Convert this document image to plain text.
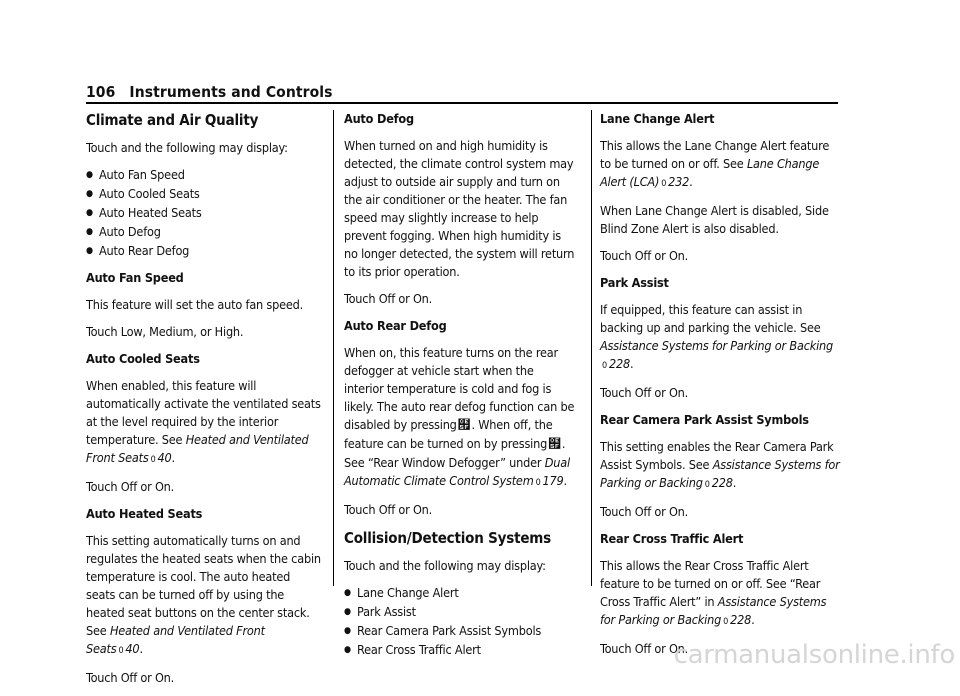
106 Instruments and Controls
Climate and Air Quality

Touch and the following may display:

● Auto Fan Speed
● Auto Cooled Seats
● Auto Heated Seats
● Auto Defog
● Auto Rear Defog

Auto Fan Speed

This feature will set the auto fan speed.

Touch Low, Medium, or High.

Auto Cooled Seats

When enabled, this feature will automatically activate the ventilated seats at the level required by the interior temperature. See Heated and Ventilated Front Seats 0 40.

Touch Off or On.

Auto Heated Seats

This setting automatically turns on and regulates the heated seats when the cabin temperature is cool. The auto heated seats can be turned off by using the heated seat buttons on the center stack. See Heated and Ventilated Front Seats 0 40.

Touch Off or On.

Auto Defog

When turned on and high humidity is detected, the climate control system may adjust to outside air supply and turn on the air conditioner or the heater. The fan speed may slightly increase to help prevent fogging. When high humidity is no longer detected, the system will return to its prior operation.

Touch Off or On.

Auto Rear Defog

When on, this feature turns on the rear defogger at vehicle start when the interior temperature is cold and fog is likely. The auto rear defog function can be disabled by pressing๟. When off, the feature can be turned on by pressing๟. See “Rear Window Defogger” under Dual Automatic Climate Control System 0 179.

Touch Off or On.

Collision/Detection Systems

Touch and the following may display:

● Lane Change Alert
● Park Assist
● Rear Camera Park Assist Symbols
● Rear Cross Traffic Alert

Lane Change Alert

This allows the Lane Change Alert feature to be turned on or off. See Lane Change Alert (LCA) 0 232.

When Lane Change Alert is disabled, Side Blind Zone Alert is also disabled.

Touch Off or On.

Park Assist

If equipped, this feature can assist in backing up and parking the vehicle. See Assistance Systems for Parking or Backing 0 228.

Touch Off or On.

Rear Camera Park Assist Symbols

This setting enables the Rear Camera Park Assist Symbols. See Assistance Systems for Parking or Backing 0 228.

Touch Off or On.

Rear Cross Traffic Alert

This allows the Rear Cross Traffic Alert feature to be turned on or off. See “Rear Cross Traffic Alert” in Assistance Systems for Parking or Backing 0 228.

Touch Off or On.

carmanualsonline.info
